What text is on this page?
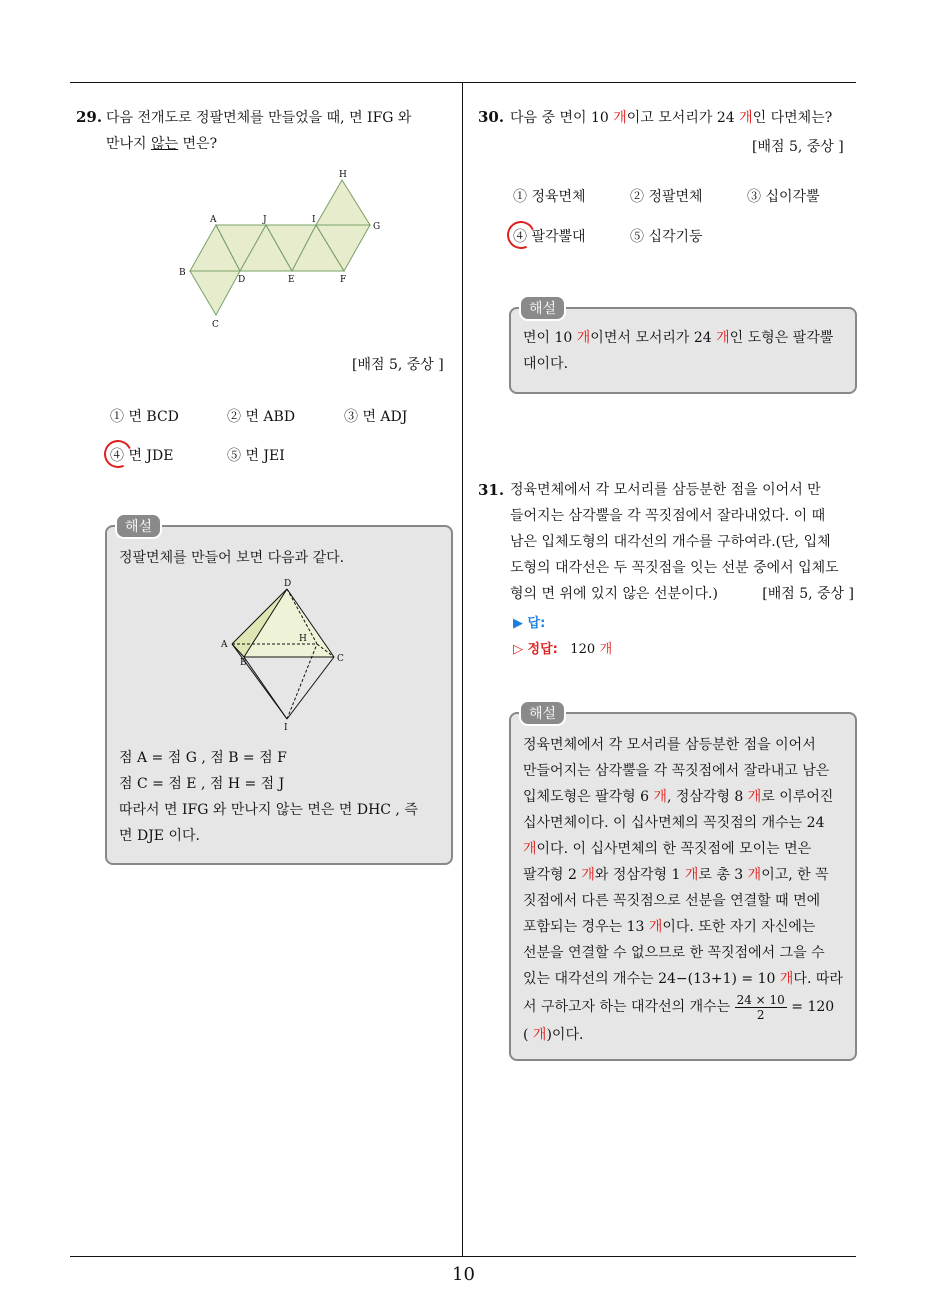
10
29. 다음 전개도로 정팔면체를 만들었을 때, 면 IFG 와
만나지 않는 면은?
H
A	J	I
G
B
D	E	F
C
[배점 5, 중상 ]
① 면 BCD	② 면 ABD	③ 면 ADJ
④ 면 JDE	⑤ 면 JEI
해설
정팔면체를 만들어 보면 다음과 같다.
D
A
H
B	C
I
점 A = 점 G , 점 B = 점 F
점 C = 점 E , 점 H = 점 J
따라서 면 IFG 와 만나지 않는 면은 면 DHC , 즉
면 DJE 이다.
30. 다음 중 면이 10 개이고 모서리가 24 개인 다면체는?
[배점 5, 중상 ]
① 정육면체	② 정팔면체	③ 십이각뿔
④ 팔각뿔대	⑤ 십각기둥
해설
면이 10 개이면서 모서리가 24 개인 도형은 팔각뿔
대이다.
31. 정육면체에서 각 모서리를 삼등분한 점을 이어서 만
들어지는 삼각뿔을 각 꼭짓점에서 잘라내었다. 이 때
남은 입체도형의 대각선의 개수를 구하여라.(단, 입체
도형의 대각선은 두 꼭짓점을 잇는 선분 중에서 입체도
형의 면 위에 있지 않은 선분이다.)	[배점 5, 중상 ]
▶ 답:
▷ 정답: 120 개
해설
정육면체에서 각 모서리를 삼등분한 점을 이어서
만들어지는 삼각뿔을 각 꼭짓점에서 잘라내고 남은
입체도형은 팔각형 6 개, 정삼각형 8 개로 이루어진
십사면체이다. 이 십사면체의 꼭짓점의 개수는 24
개이다. 이 십사면체의 한 꼭짓점에 모이는 면은
팔각형 2 개와 정삼각형 1 개로 총 3 개이고, 한 꼭
짓점에서 다른 꼭짓점으로 선분을 연결할 때 면에
포함되는 경우는 13 개이다. 또한 자기 자신에는
선분을 연결할 수 없으므로 한 꼭짓점에서 그을 수
있는 대각선의 개수는 24−(13+1) = 10 개다. 따라
서 구하고자 하는 대각선의 개수는 $\frac{24 \times 10}{2} = 120$
( 개)이다.
